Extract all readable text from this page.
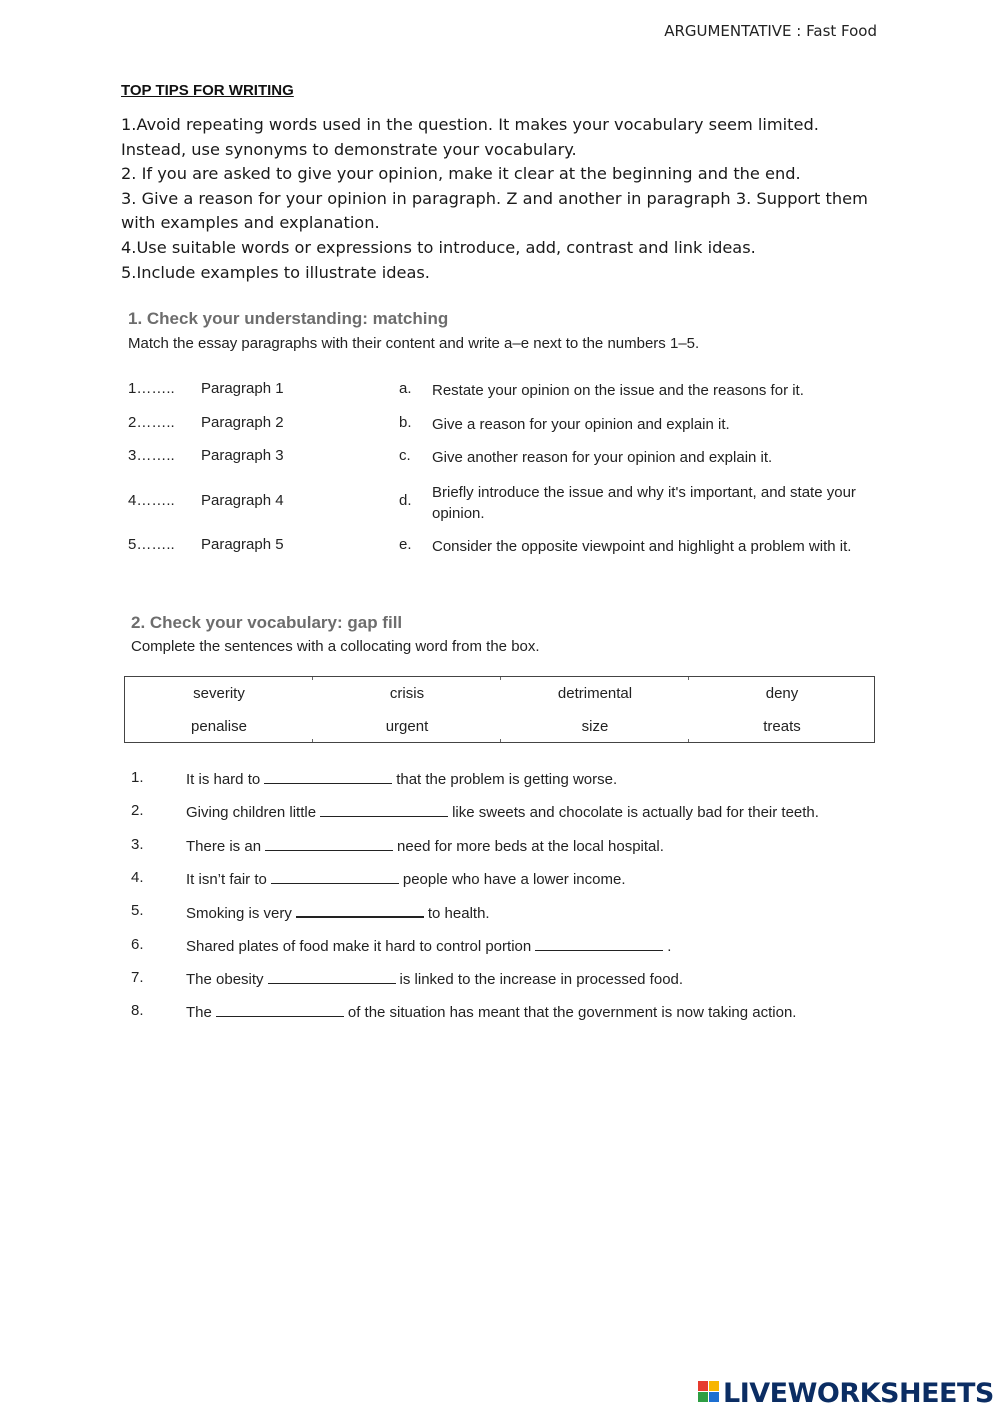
ARGUMENTATIVE : Fast Food
TOP TIPS FOR WRITING
1.Avoid repeating words used in the question. It makes your vocabulary seem limited.
Instead, use synonyms to demonstrate your vocabulary.
2. If you are asked to give your opinion, make it clear at the beginning and the end.
3. Give a reason for your opinion in paragraph. Z and another in paragraph 3. Support them
with examples and explanation.
4.Use suitable words or expressions to introduce, add, contrast and link ideas.
5.Include examples to illustrate ideas.
1. Check your understanding: matching
Match the essay paragraphs with their content and write a–e next to the numbers 1–5.
1…….. Paragraph 1	a. Restate your opinion on the issue and the reasons for it.
2…….. Paragraph 2	b. Give a reason for your opinion and explain it.
3…….. Paragraph 3	c. Give another reason for your opinion and explain it.
4…….. Paragraph 4	d. Briefly introduce the issue and why it's important, and state your opinion.
5…….. Paragraph 5	e. Consider the opposite viewpoint and highlight a problem with it.
2. Check your vocabulary: gap fill
Complete the sentences with a collocating word from the box.
severity	crisis	detrimental	deny
penalise	urgent	size	treats
1.	It is hard to	that the problem is getting worse.
2.	Giving children little	like sweets and chocolate is actually bad for their teeth.
3.	There is an	need for more beds at the local hospital.
4.	It isn’t fair to	people who have a lower income.
5.	Smoking is very	to health.
6.	Shared plates of food make it hard to control portion	.
7.	The obesity	is linked to the increase in processed food.
8.	The	of the situation has meant that the government is now taking action.
LIVEWORKSHEETS
